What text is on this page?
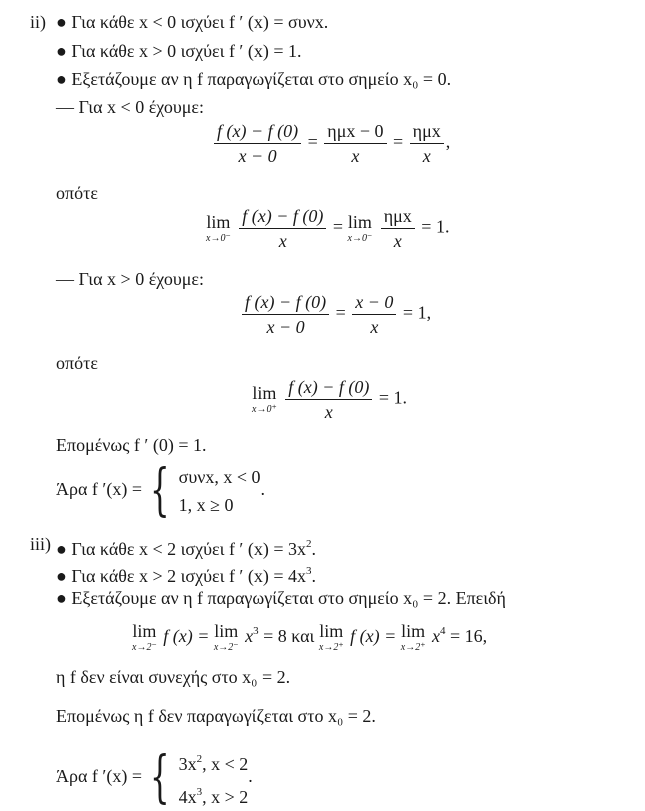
ii) ● Για κάθε x < 0 ισχύει f ′ (x) = συνx.
● Για κάθε x > 0 ισχύει f ′ (x) = 1.
● Εξετάζουμε αν η f παραγωγίζεται στο σημείο x₀ = 0.
— Για x < 0 έχουμε:
$\frac{f (x) - f (0)}{x - 0} = \frac{\text{ημx − 0}}{x} = \frac{\text{ημx}}{x}$ ,
οπότε
lim
x→0⁻
$\frac{f (x) - f (0)}{x} = \lim$
x→0⁻
$\frac{\text{ημx}}{x} = 1$.
— Για x > 0 έχουμε:
$\frac{f (x) - f (0)}{x - 0} = \frac{x - 0}{x} = 1$,
οπότε
lim
x→0⁺
$\frac{f (x) - f (0)}{x} = 1$.
Επομένως f ′ (0) = 1.
Άρα f ′(x) = { συνx, x < 0
1, x ≥ 0
.
iii) ● Για κάθε x < 2 ισχύει f ′ $(x) = 3x^2$.
● Για κάθε x > 2 ισχύει f ′ $(x) = 4x^3$.
● Εξετάζουμε αν η f παραγωγίζεται στο σημείο x₀ = 2. Επειδή
lim
x→2⁻
f (x) = lim
x→2⁻
$x^3 = 8$ και lim
x→2⁺
f (x) = lim
x→2⁺
$x^4 = 16$,
η f δεν είναι συνεχής στο x₀ = 2.
Επομένως η f δεν παραγωγίζεται στο x₀ = 2.
Άρα f ′(x) = { $3x^2$, x < 2
$4x^3$, x > 2
.
